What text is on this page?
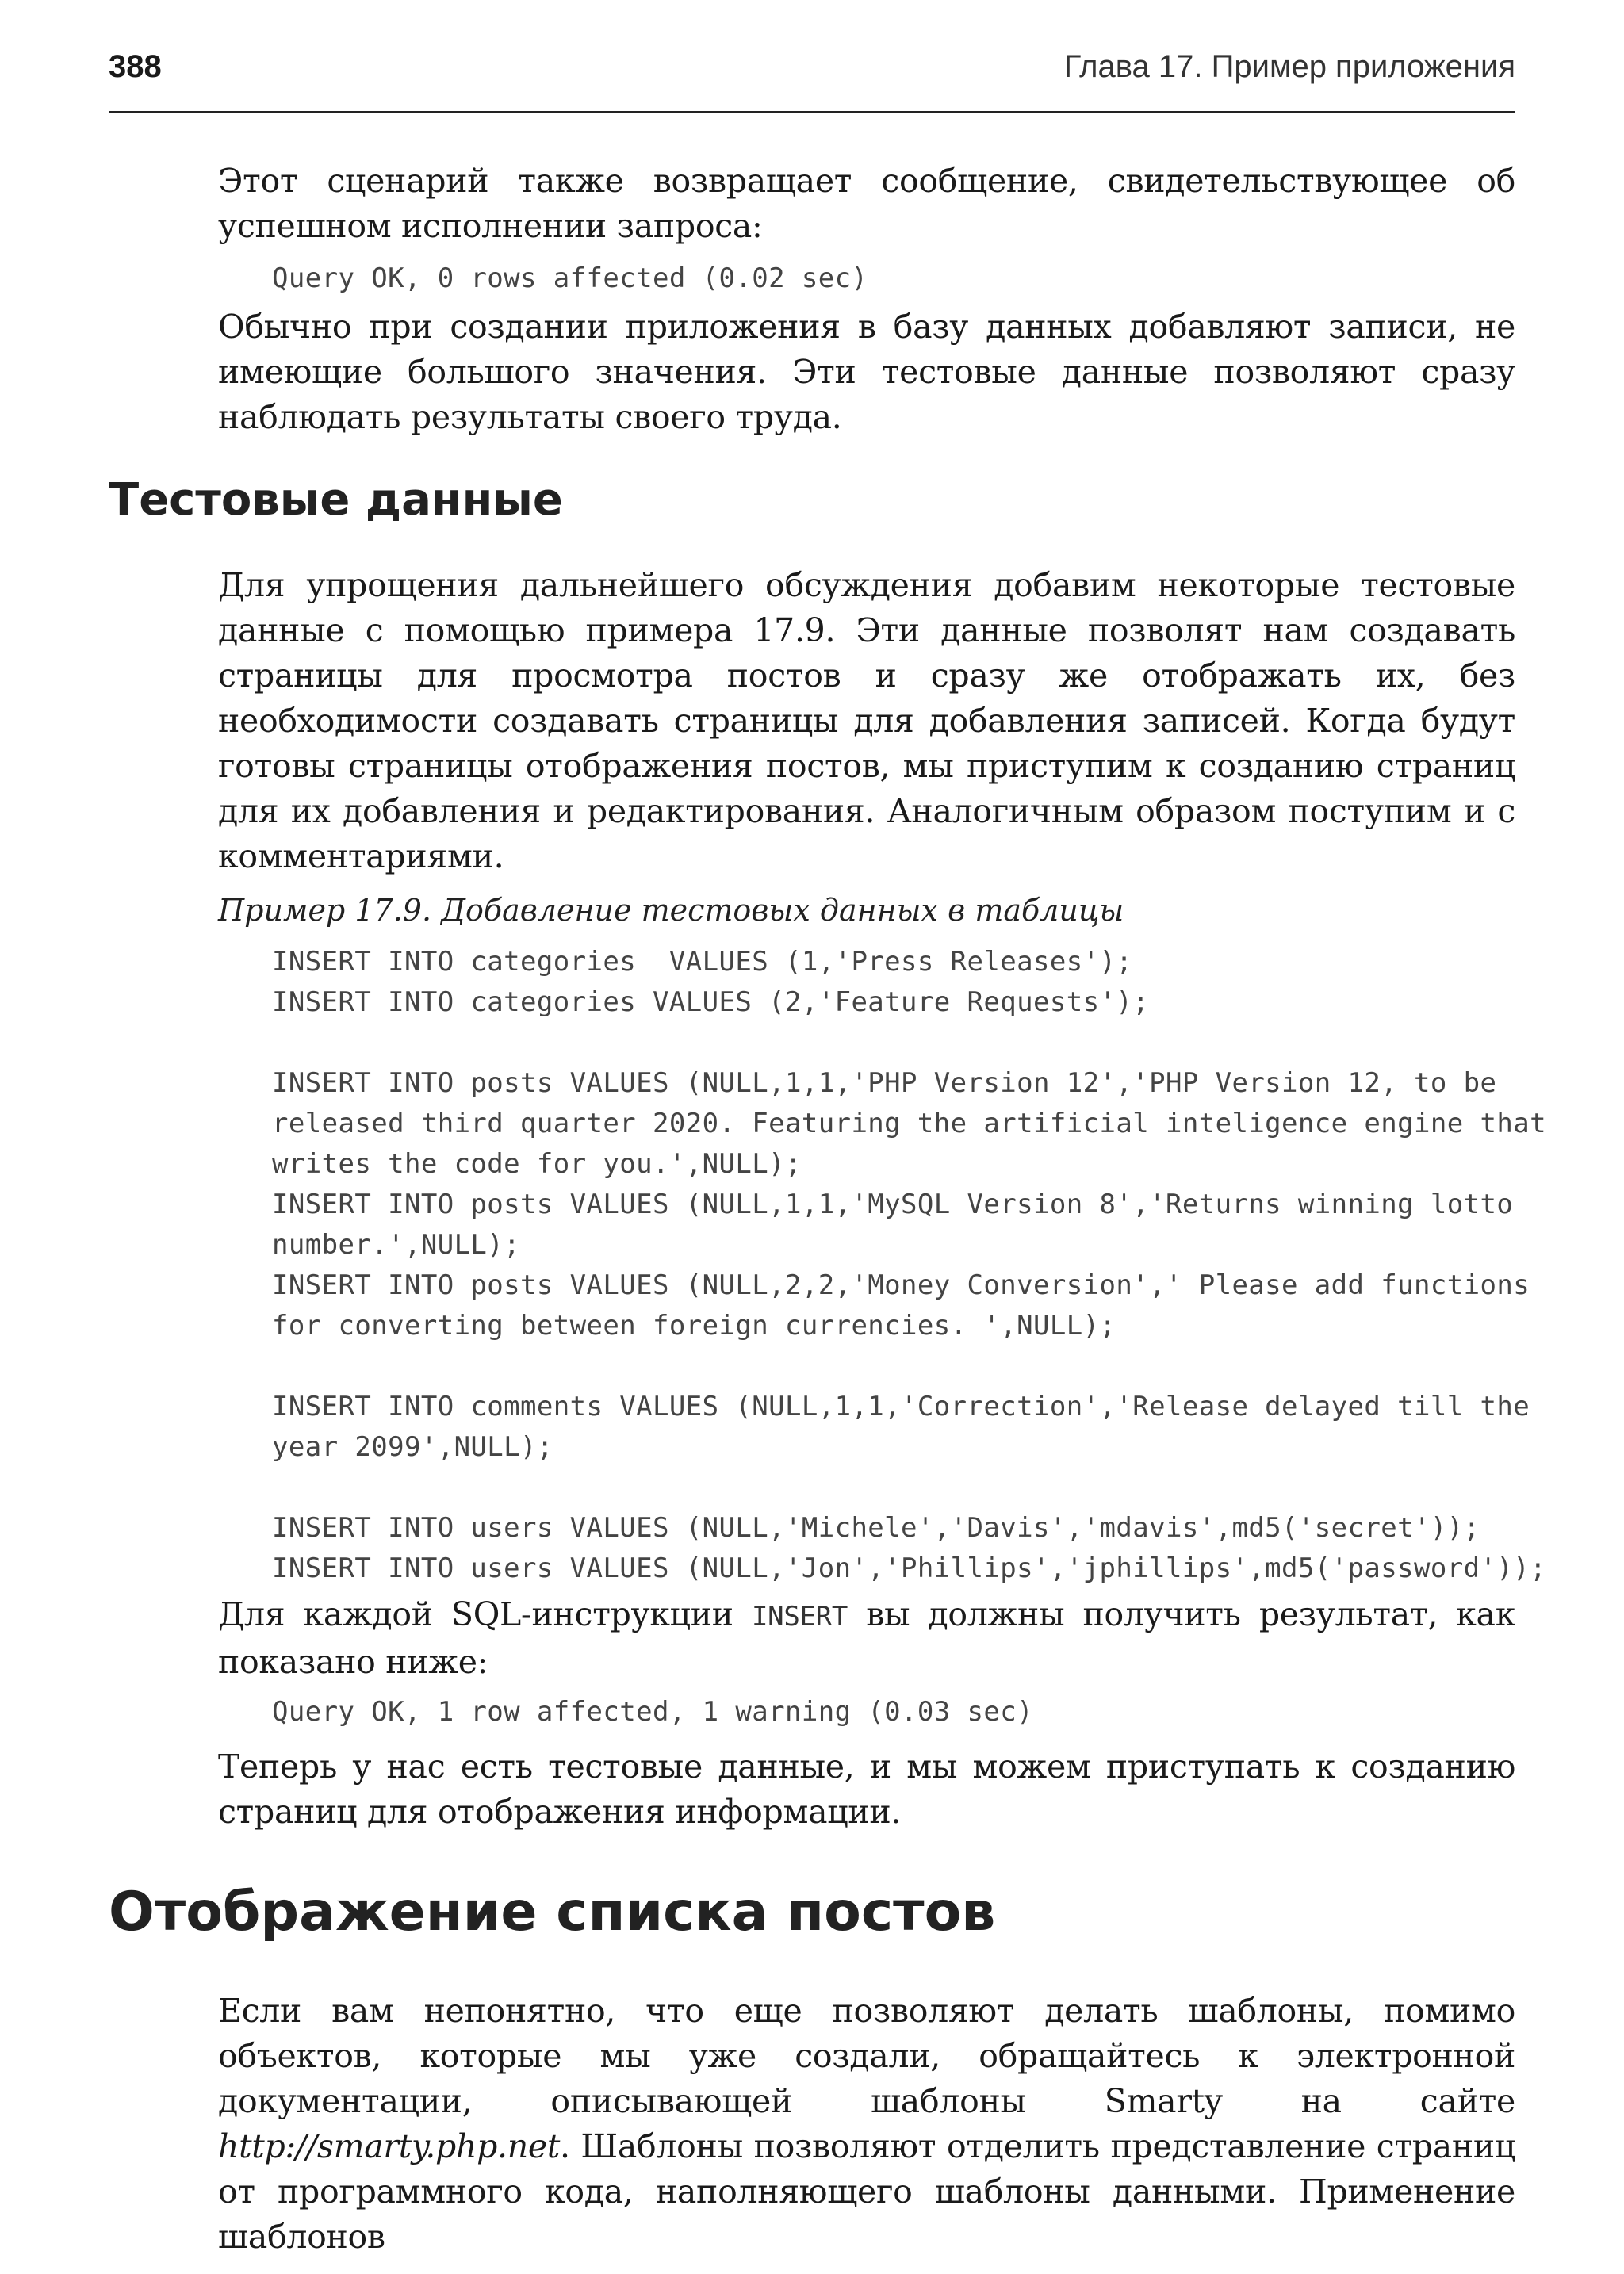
388	Глава 17. Пример приложения

Этот сценарий также возвращает сообщение, свидетельствующее об успешном исполнении запроса:

Query OK, 0 rows affected (0.02 sec)

Обычно при создании приложения в базу данных добавляют записи, не имеющие большого значения. Эти тестовые данные позволяют сразу наблюдать результаты своего труда.

Тестовые данные

Для упрощения дальнейшего обсуждения добавим некоторые тестовые данные с помощью примера 17.9. Эти данные позволят нам создавать страницы для просмотра постов и сразу же отображать их, без необходимости создавать страницы для добавления записей. Когда будут готовы страницы отображения постов, мы приступим к созданию страниц для их добавления и редактирования. Аналогичным образом поступим и с комментариями.

Пример 17.9. Добавление тестовых данных в таблицы

INSERT INTO categories  VALUES (1,'Press Releases');
INSERT INTO categories VALUES (2,'Feature Requests');

INSERT INTO posts VALUES (NULL,1,1,'PHP Version 12','PHP Version 12, to be
released third quarter 2020. Featuring the artificial inteligence engine that
writes the code for you.',NULL);
INSERT INTO posts VALUES (NULL,1,1,'MySQL Version 8','Returns winning lotto
number.',NULL);
INSERT INTO posts VALUES (NULL,2,2,'Money Conversion',' Please add functions
for converting between foreign currencies. ',NULL);

INSERT INTO comments VALUES (NULL,1,1,'Correction','Release delayed till the
year 2099',NULL);

INSERT INTO users VALUES (NULL,'Michele','Davis','mdavis',md5('secret'));
INSERT INTO users VALUES (NULL,'Jon','Phillips','jphillips',md5('password'));

Для каждой SQL-инструкции INSERT вы должны получить результат, как показано ниже:

Query OK, 1 row affected, 1 warning (0.03 sec)

Теперь у нас есть тестовые данные, и мы можем приступать к созданию страниц для отображения информации.

Отображение списка постов

Если вам непонятно, что еще позволяют делать шаблоны, помимо объектов, которые мы уже создали, обращайтесь к электронной документации, описывающей шаблоны Smarty на сайте http://smarty.php.net. Шаблоны позволяют отделить представление страниц от программного кода, наполняющего шаблоны данными. Применение шаблонов
